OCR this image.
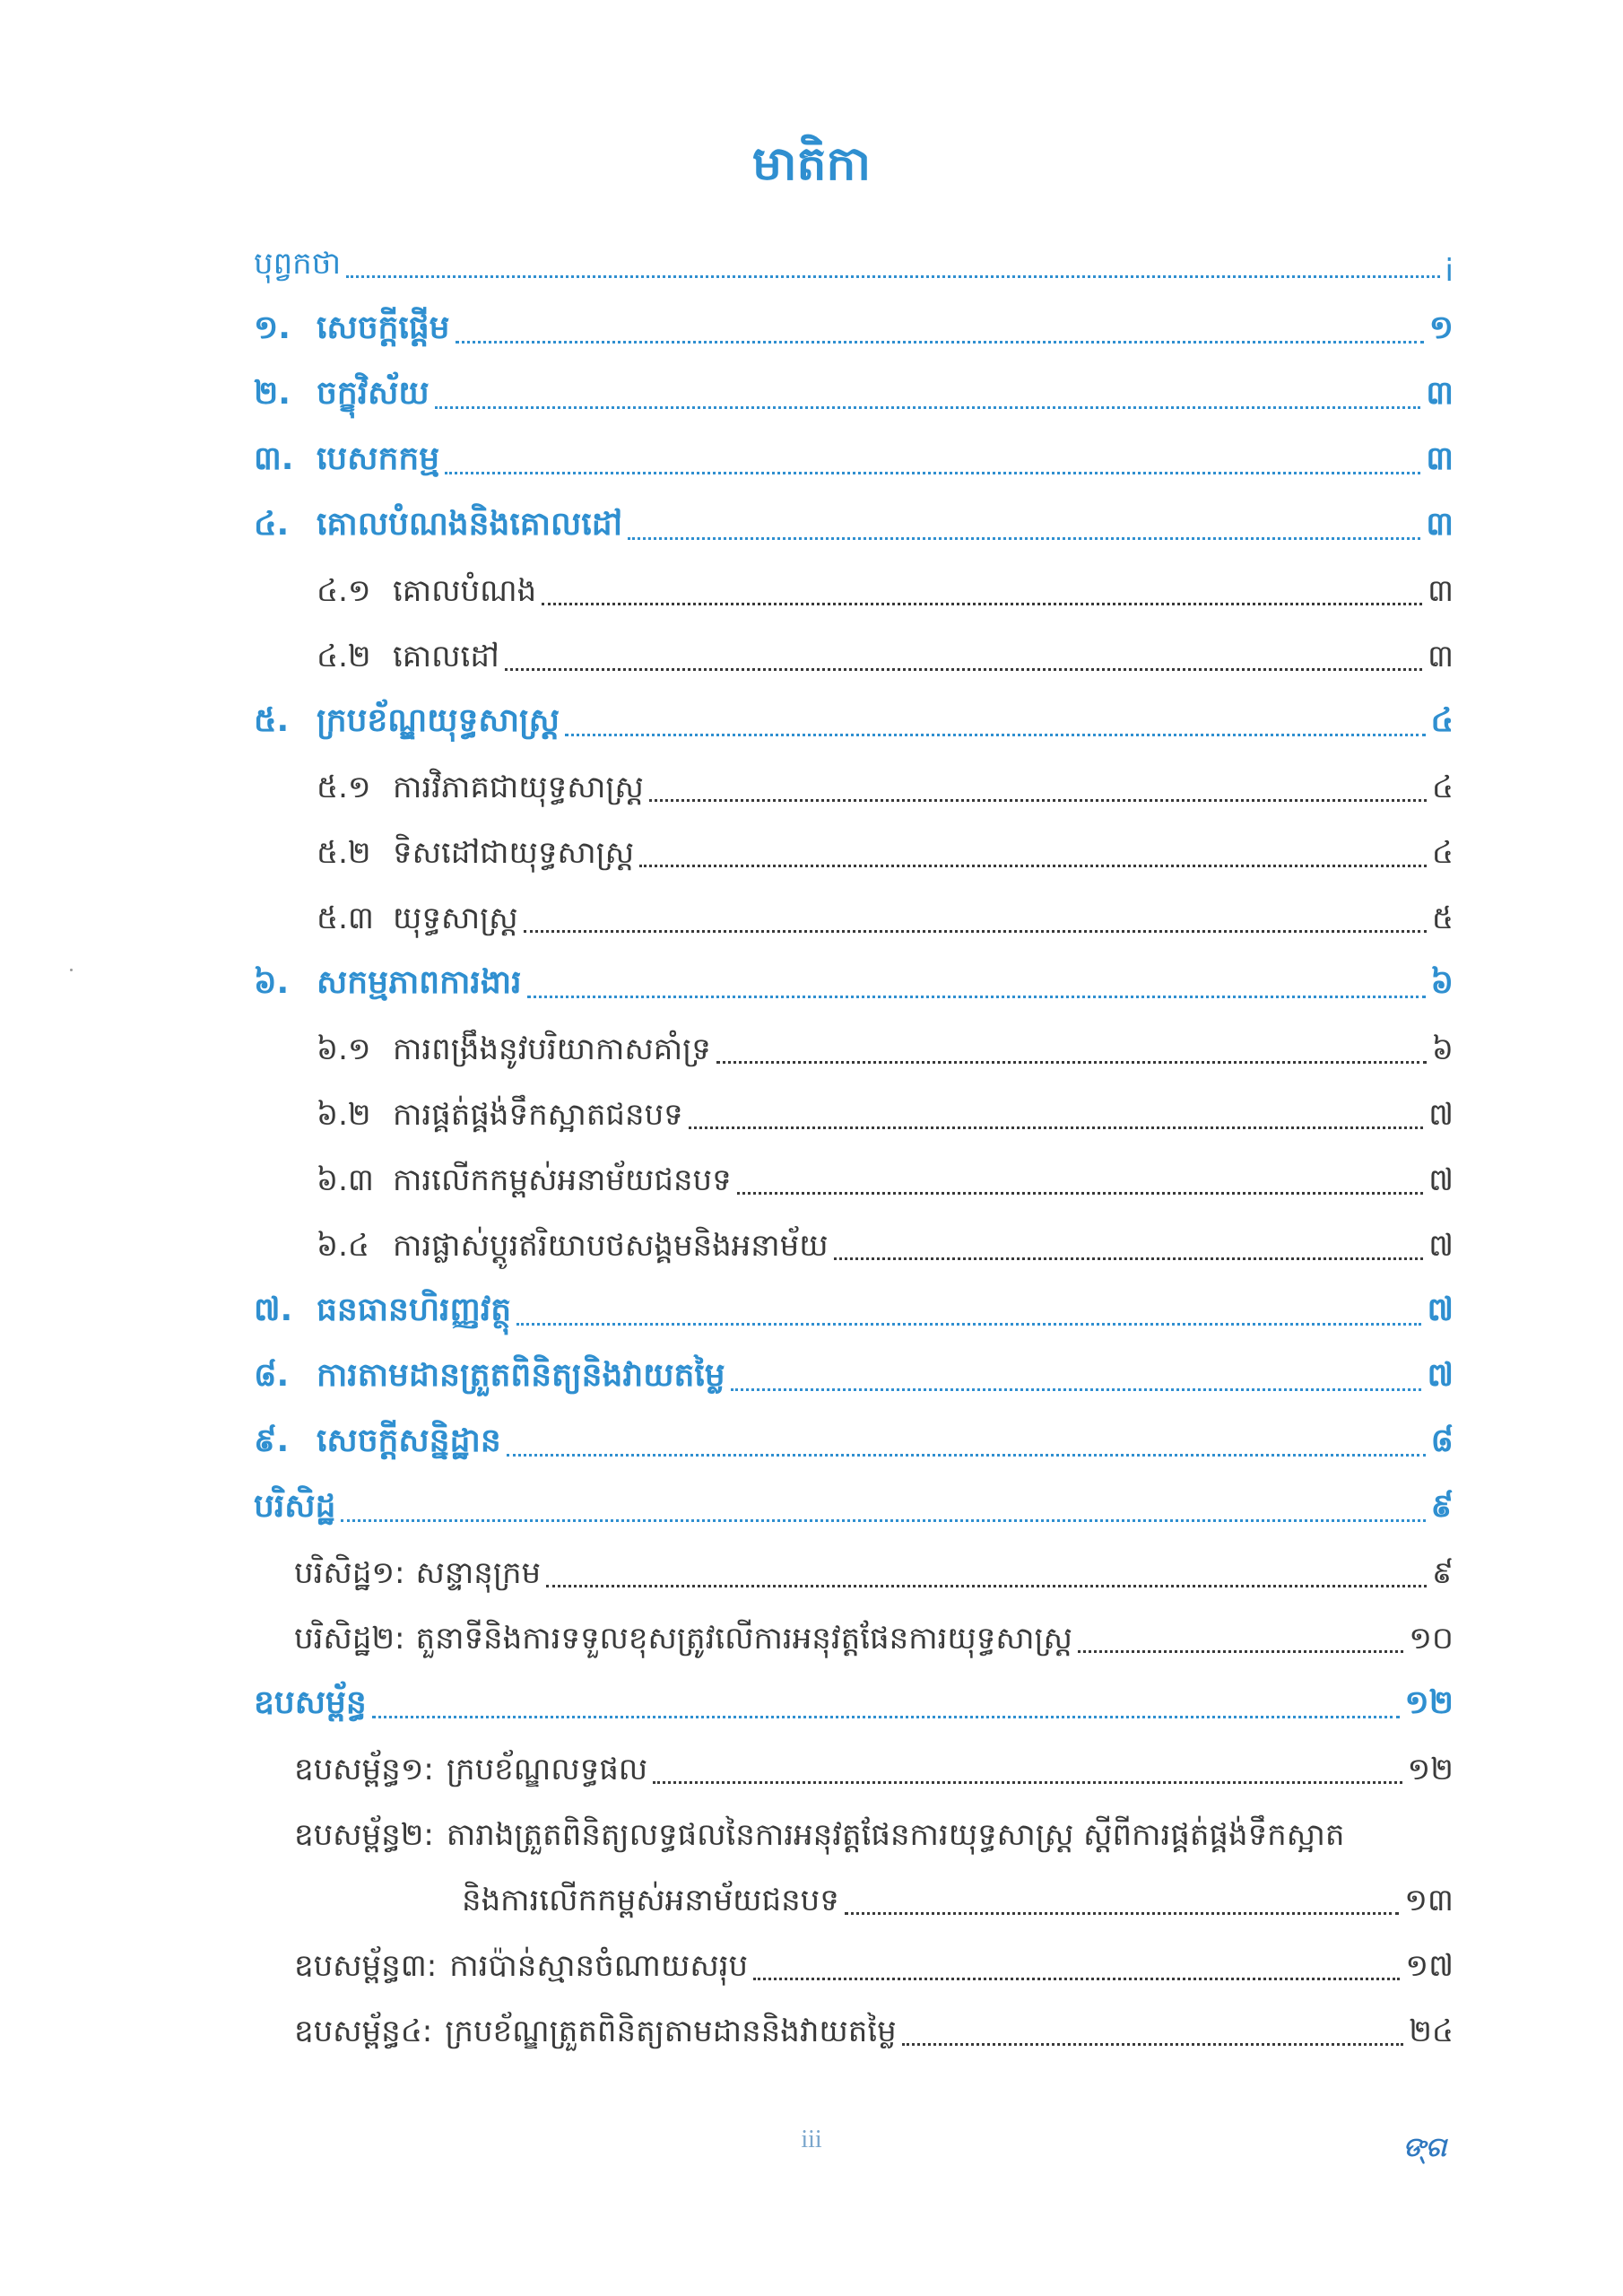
មាតិកា
បុព្វកថា	i
១. សេចក្តីផ្តើម	១
២. ចក្ខុវិស័យ	៣
៣. បេសកកម្ម	៣
៤. គោលបំណងនិងគោលដៅ	៣
៤.១ គោលបំណង	៣
៤.២ គោលដៅ	៣
៥. ក្របខ័ណ្ឌយុទ្ធសាស្ត្រ	៤
៥.១ ការវិភាគជាយុទ្ធសាស្ត្រ	៤
៥.២ ទិសដៅជាយុទ្ធសាស្ត្រ	៤
៥.៣ យុទ្ធសាស្ត្រ	៥
៦. សកម្មភាពការងារ	៦
៦.១ ការពង្រឹងនូវបរិយាកាសគាំទ្រ	៦
៦.២ ការផ្គត់ផ្គង់ទឹកស្អាតជនបទ	៧
៦.៣ ការលើកកម្ពស់អនាម័យជនបទ	៧
៦.៤ ការផ្លាស់ប្តូរឥរិយាបថសង្គមនិងអនាម័យ	៧
៧. ធនធានហិរញ្ញវត្ថុ	៧
៨. ការតាមដានត្រួតពិនិត្យនិងវាយតម្លៃ	៧
៩. សេចក្តីសន្និដ្ឋាន	៨
បរិសិដ្ឋ	៩
បរិសិដ្ឋ១: សន្ទានុក្រម	៩
បរិសិដ្ឋ២: តួនាទីនិងការទទួលខុសត្រូវលើការអនុវត្តផែនការយុទ្ធសាស្ត្រ	១០
ឧបសម្ព័ន្ធ	១២
ឧបសម្ព័ន្ធ១: ក្របខ័ណ្ឌលទ្ធផល	១២
ឧបសម្ព័ន្ធ២: តារាងត្រួតពិនិត្យលទ្ធផលនៃការអនុវត្តផែនការយុទ្ធសាស្ត្រ ស្តីពីការផ្គត់ផ្គង់ទឹកស្អាត
និងការលើកកម្ពស់អនាម័យជនបទ	១៣
ឧបសម្ព័ន្ធ៣: ការប៉ាន់ស្មានចំណាយសរុប	១៧
ឧបសម្ព័ន្ធ៤: ក្របខ័ណ្ឌត្រួតពិនិត្យតាមដាននិងវាយតម្លៃ	២៤
iii	ଙ୍ଗ
